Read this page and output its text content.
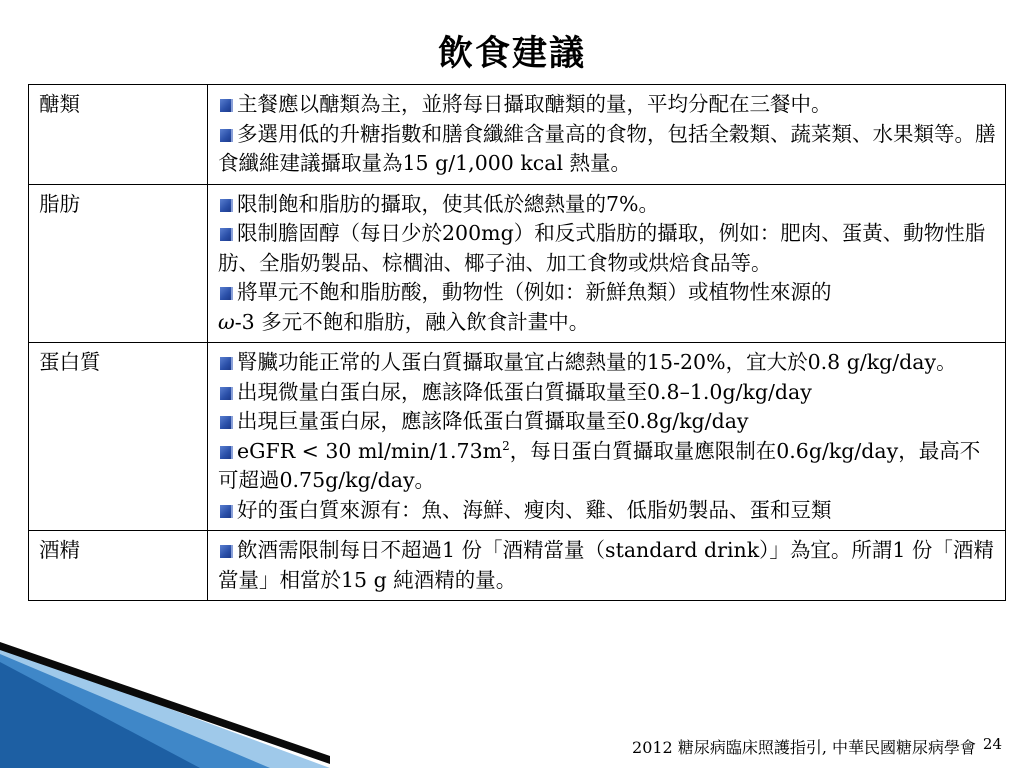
飲食建議
醣類	主餐應以醣類為主，並將每日攝取醣類的量，平均分配在三餐中。
多選用低的升糖指數和膳食纖維含量高的食物，包括全穀類、蔬菜類、水果類等。膳食纖維建議攝取量為15 g/1,000 kcal 熱量。

脂肪	限制飽和脂肪的攝取，使其低於總熱量的7%。
限制膽固醇（每日少於200mg）和反式脂肪的攝取，例如：肥肉、蛋黃、動物性脂肪、全脂奶製品、棕櫚油、椰子油、加工食物或烘焙食品等。
將單元不飽和脂肪酸，動物性（例如：新鮮魚類）或植物性來源的
ω-3 多元不飽和脂肪，融入飲食計畫中。

蛋白質	腎臟功能正常的人蛋白質攝取量宜占總熱量的15-20%，宜大於0.8 g/kg/day。
出現微量白蛋白尿，應該降低蛋白質攝取量至0.8–1.0g/kg/day
出現巨量蛋白尿，應該降低蛋白質攝取量至0.8g/kg/day
eGFR < 30 $ml/\min/1.73m^2$，每日蛋白質攝取量應限制在0.6g/kg/day，最高不可超過0.75g/kg/day。
好的蛋白質來源有：魚、海鮮、瘦肉、雞、低脂奶製品、蛋和豆類

酒精	飲酒需限制每日不超過1 份「酒精當量（standard drink）」為宜。所謂1 份「酒精當量」相當於15 g 純酒精的量。
2012 糖尿病臨床照護指引, 中華民國糖尿病學會 24
